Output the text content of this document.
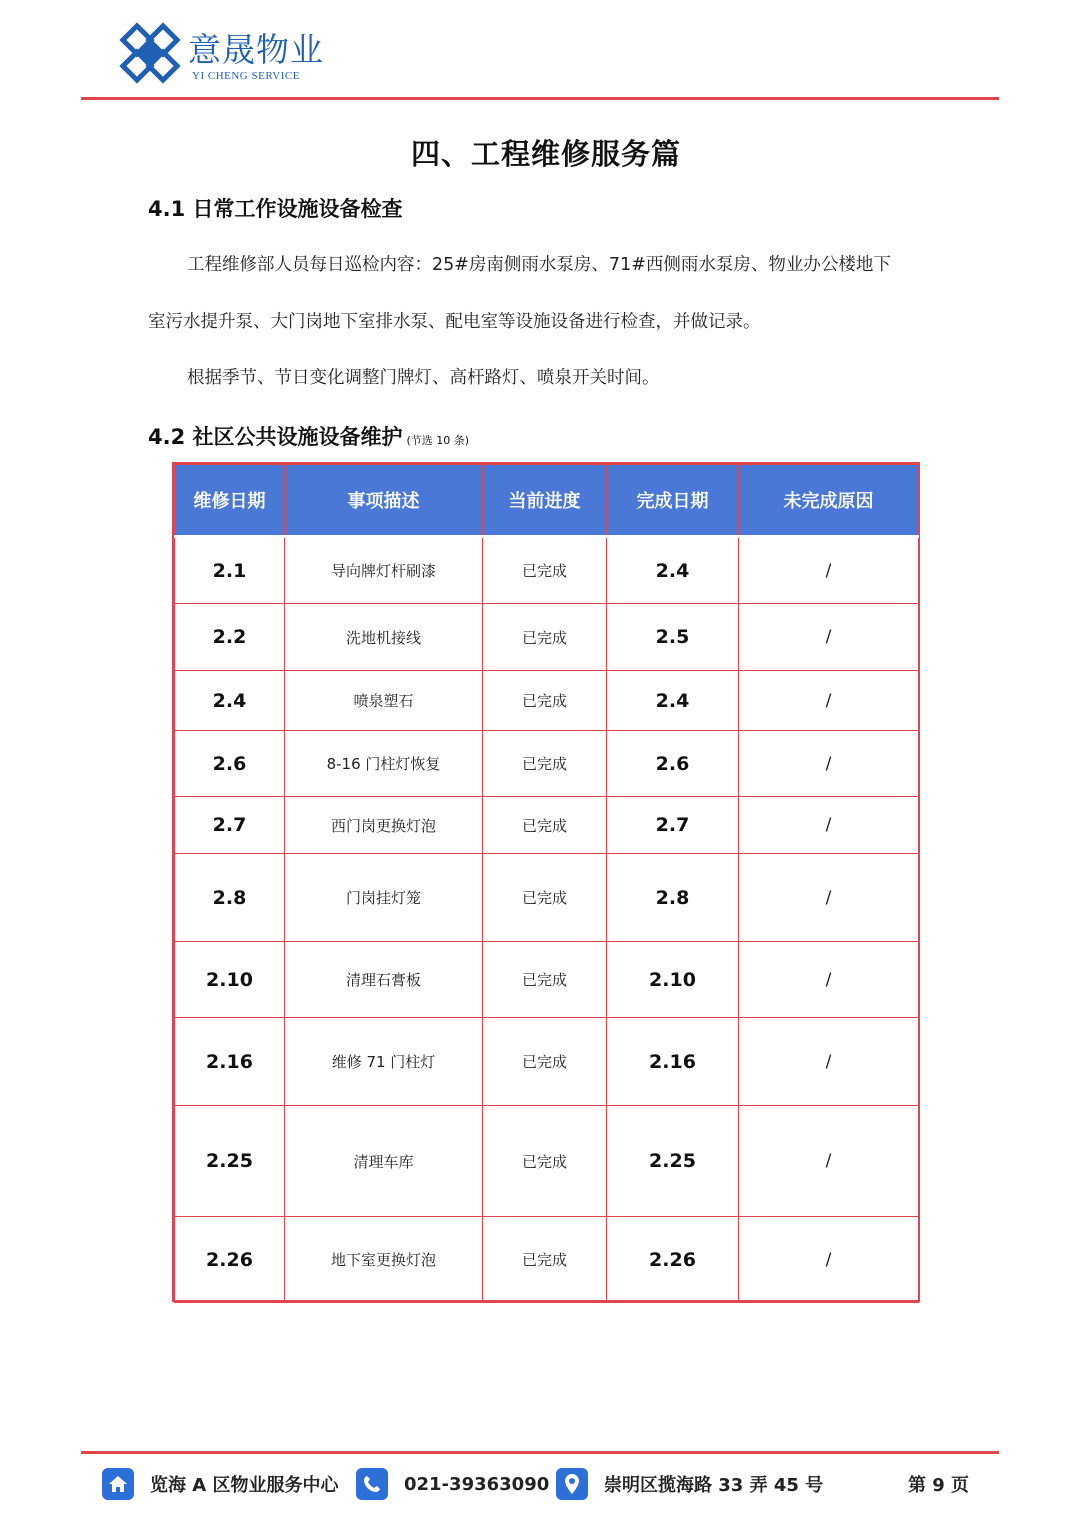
意晟物业
YI CHENG SERVICE
四、工程维修服务篇
4.1 日常工作设施设备检查
工程维修部人员每日巡检内容：25#房南侧雨水泵房、71#西侧雨水泵房、物业办公楼地下
室污水提升泵、大门岗地下室排水泵、配电室等设施设备进行检查，并做记录。
根据季节、节日变化调整门牌灯、高杆路灯、喷泉开关时间。
4.2 社区公共设施设备维护 (节选 10 条)
维修日期	事项描述	当前进度	完成日期	未完成原因
2.1	导向牌灯杆刷漆	已完成	2.4	/
2.2	洗地机接线	已完成	2.5	/
2.4	喷泉塑石	已完成	2.4	/
2.6	8-16 门柱灯恢复	已完成	2.6	/
2.7	西门岗更换灯泡	已完成	2.7	/
2.8	门岗挂灯笼	已完成	2.8	/
2.10	清理石膏板	已完成	2.10	/
2.16	维修 71 门柱灯	已完成	2.16	/
2.25	清理车库	已完成	2.25	/
2.26	地下室更换灯泡	已完成	2.26	/
览海 A 区物业服务中心	021-39363090	崇明区揽海路 33 弄 45 号	第 9 页
